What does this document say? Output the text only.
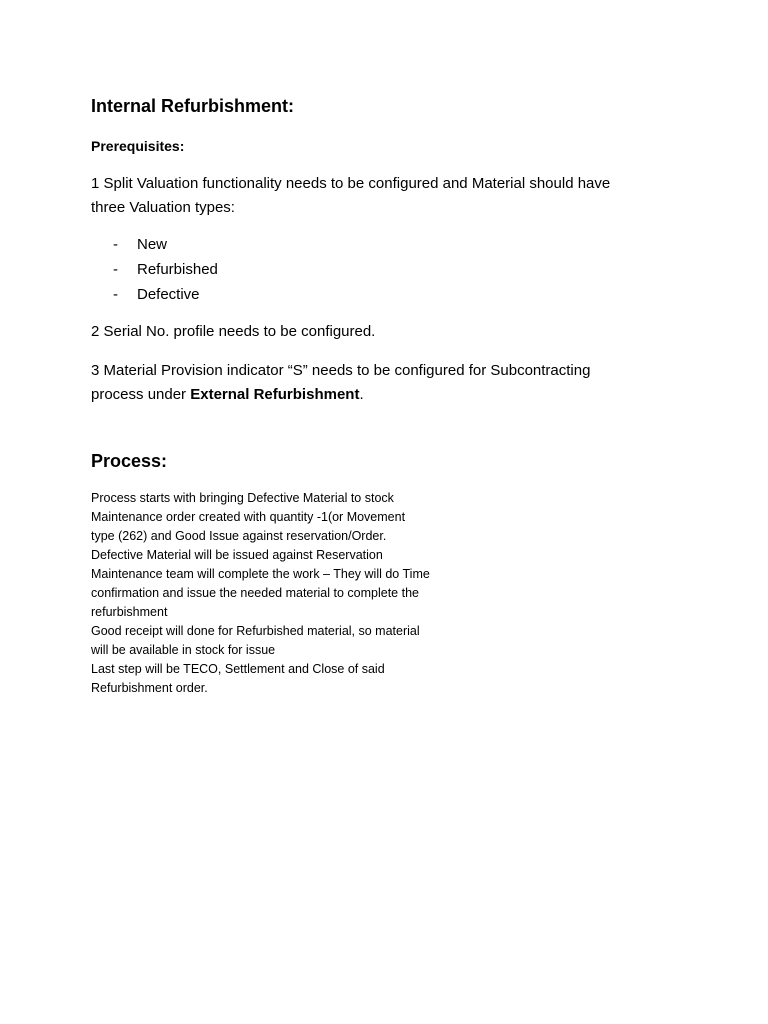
Internal Refurbishment:
Prerequisites:

1 Split Valuation functionality needs to be configured and Material should have
three Valuation types:

- New
- Refurbished
- Defective

2 Serial No. profile needs to be configured.

3 Material Provision indicator “S” needs to be configured for Subcontracting
process under External Refurbishment.

Process:

Process starts with bringing Defective Material to stock

Maintenance order created with quantity -1(or Movement

type (262) and Good Issue against reservation/Order.

Defective Material will be issued against Reservation

Maintenance team will complete the work – They will do Time

confirmation and issue the needed material to complete the

refurbishment

Good receipt will done for Refurbished material, so material

will be available in stock for issue

Last step will be TECO, Settlement and Close of said

Refurbishment order.
